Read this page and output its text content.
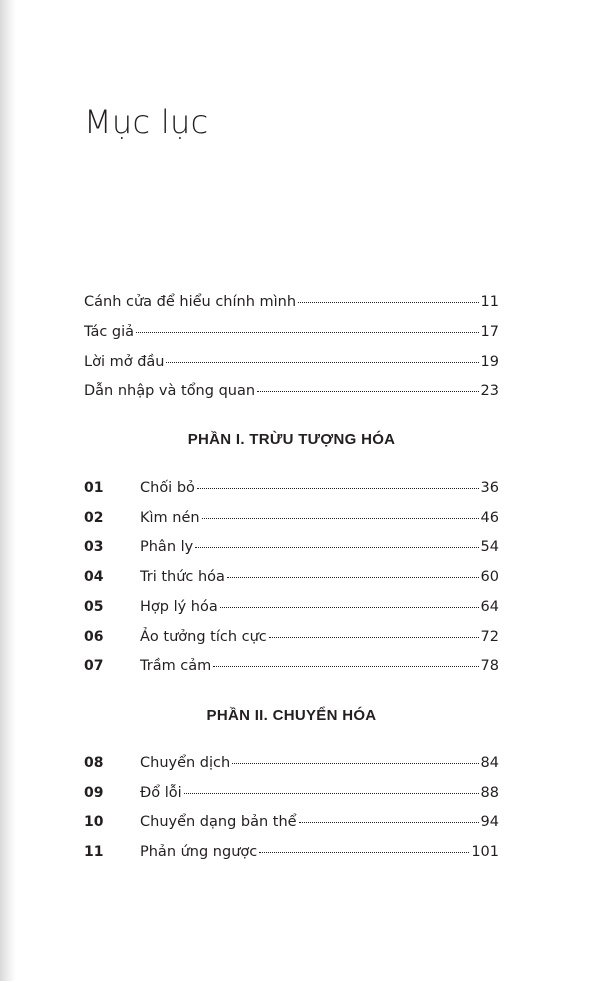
Mục lục
Cánh cửa để hiểu chính mình	11
Tác giả	17
Lời mở đầu	19
Dẫn nhập và tổng quan	23
PHẦN I. TRỪU TƯỢNG HÓA
01	Chối bỏ	36
02	Kìm nén	46
03	Phân ly	54
04	Tri thức hóa	60
05	Hợp lý hóa	64
06	Ảo tưởng tích cực	72
07	Trầm cảm	78
PHẦN II. CHUYỂN HÓA
08	Chuyển dịch	84
09	Đổ lỗi	88
10	Chuyển dạng bản thể	94
11	Phản ứng ngược	101
